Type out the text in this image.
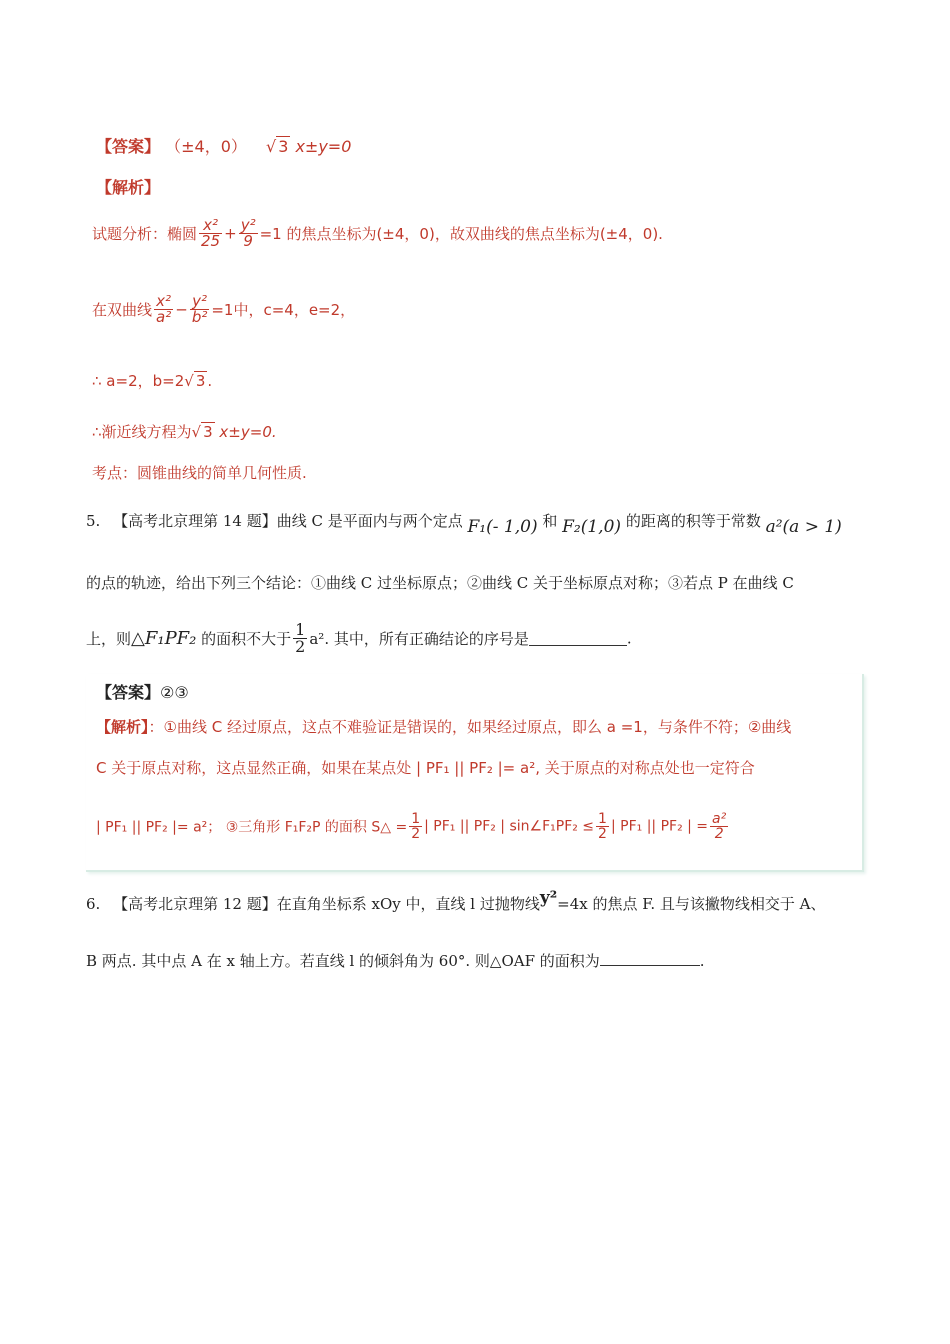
【答案】 （±4，0） √ 3 x±y=0
【解析】
试题分析：椭圆 $\frac{\text{x²}}{25} + \frac{\text{y²}}{9} =1$ 的焦点坐标为(±4，0)，故双曲线的焦点坐标为(±4，0).
在双曲线 $\frac{\text{x²}}{\text{a²}} - \frac{\text{y²}}{\text{b²}} =1$中，c=4，e=2，
∴ a=2，b=2√ 3 .
∴渐近线方程为√ 3 x±y=0.
考点：圆锥曲线的简单几何性质.
5. 【高考北京理第 14 题】曲线 C 是平面内与两个定点 F₁(- 1,0) 和 F₂(1,0) 的距离的积等于常数 a²(a > 1)
的点的轨迹，给出下列三个结论：①曲线 C 过坐标原点；②曲线 C 关于坐标原点对称；③若点 P 在曲线 C
上，则△F₁PF₂ 的面积不大于 $\frac{1}{2} a^2$. 其中，所有正确结论的序号是	.
【答案】②③
【解析】：①曲线 C 经过原点，这点不难验证是错误的，如果经过原点，即么 a =1，与条件不符；②曲线
C 关于原点对称，这点显然正确，如果在某点处 | PF₁ || PF₂ |= a², 关于原点的对称点处也一定符合
| PF₁ || PF₂ |= a²； ③三角形 F₁F₂P 的面积 S△ = $\frac{1}{2}$ | PF₁ || PF₂ | sin∠F₁PF₂ ≤ $\frac{1}{2}$ | PF₁ || PF₂ | = $\frac{\text{a²}}{2}$
6. 【高考北京理第 12 题】在直角坐标系 xOy 中，直线 l 过抛物线y²=4x 的焦点 F. 且与该撇物线相交于 A、
B 两点. 其中点 A 在 x 轴上方。若直线 l 的倾斜角为 60°. 则△OAF 的面积为	.
